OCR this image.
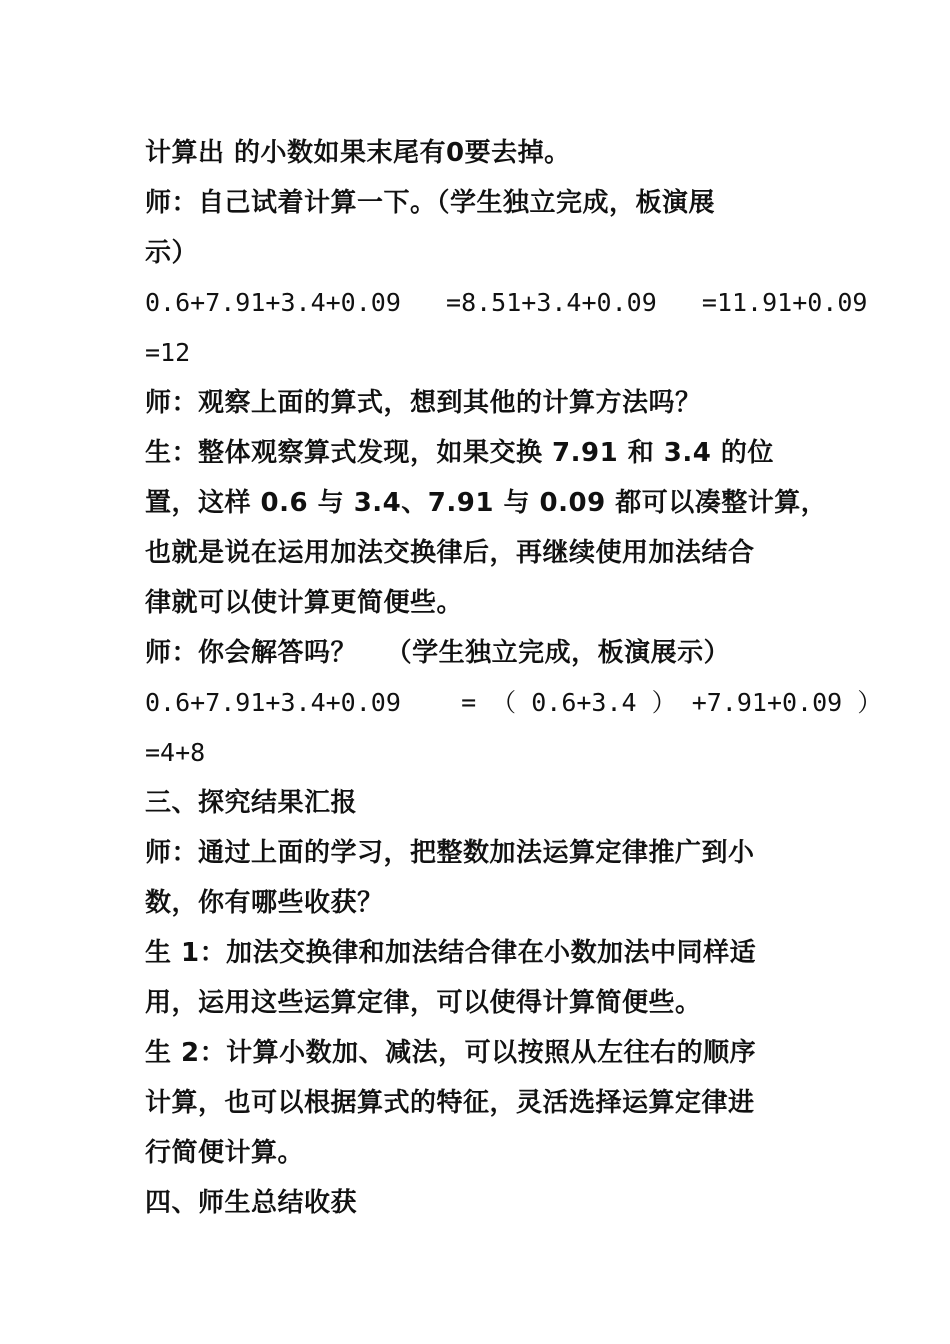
计算出 的小数如果末尾有0要去掉。
师：自己试着计算一下。（学生独立完成，板演展
示）
0.6+7.91+3.4+0.09   =8.51+3.4+0.09   =11.91+0.09
=12
师：观察上面的算式，想到其他的计算方法吗？
生：整体观察算式发现，如果交换 7.91 和 3.4 的位
置，这样 0.6 与 3.4、7.91 与 0.09 都可以凑整计算，
也就是说在运用加法交换律后，再继续使用加法结合
律就可以使计算更简便些。
师：你会解答吗？   （学生独立完成，板演展示）
0.6+7.91+3.4+0.09    = （ 0.6+3.4 ） +7.91+0.09 ）
=4+8
三、探究结果汇报
师：通过上面的学习，把整数加法运算定律推广到小
数，你有哪些收获？
生 1：加法交换律和加法结合律在小数加法中同样适
用，运用这些运算定律，可以使得计算简便些。
生 2：计算小数加、减法，可以按照从左往右的顺序
计算，也可以根据算式的特征，灵活选择运算定律进
行简便计算。
四、师生总结收获
